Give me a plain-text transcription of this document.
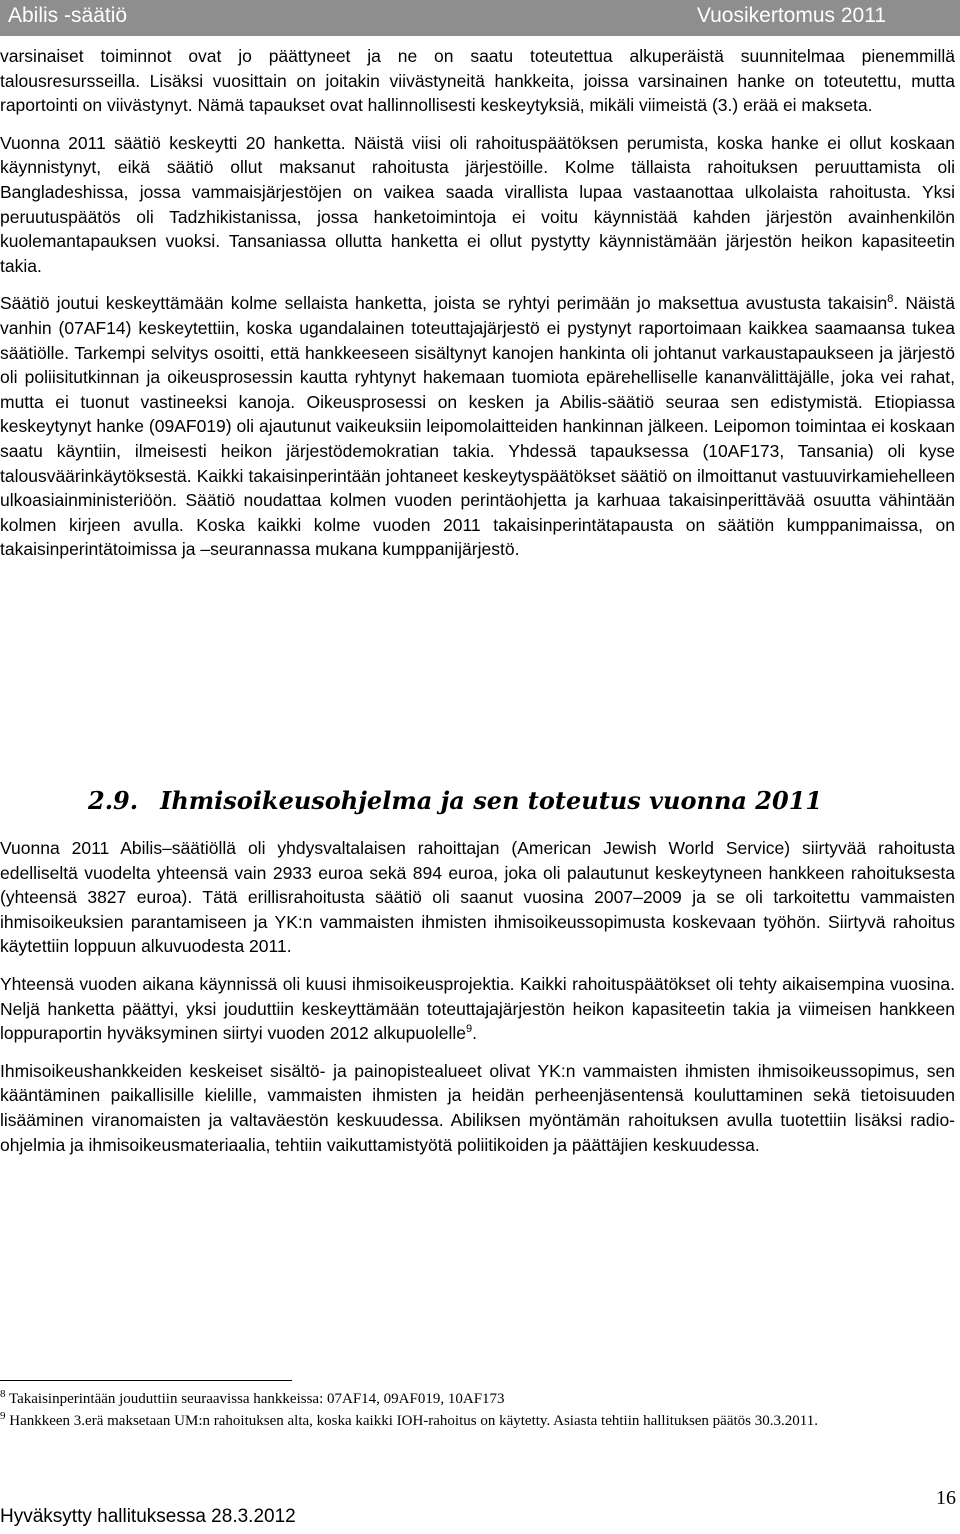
Abilis -säätiö	Vuosikertomus 2011

varsinaiset toiminnot ovat jo päättyneet ja ne on saatu toteutettua alkuperäistä suunnitelmaa pienemmillä talousresursseilla. Lisäksi vuosittain on joitakin viivästyneitä hankkeita, joissa varsinainen hanke on toteutettu, mutta raportointi on viivästynyt. Nämä tapaukset ovat hallinnollisesti keskeytyksiä, mikäli viimeistä (3.) erää ei makseta.

Vuonna 2011 säätiö keskeytti 20 hanketta. Näistä viisi oli rahoituspäätöksen perumista, koska hanke ei ollut koskaan käynnistynyt, eikä säätiö ollut maksanut rahoitusta järjestöille. Kolme tällaista rahoituksen peruuttamista oli Bangladeshissa, jossa vammaisjärjestöjen on vaikea saada virallista lupaa vastaanottaa ulkolaista rahoitusta. Yksi peruutuspäätös oli Tadzhikistanissa, jossa hanketoimintoja ei voitu käynnistää kahden järjestön avainhenkilön kuolemantapauksen vuoksi. Tansaniassa ollutta hanketta ei ollut pystytty käynnistämään järjestön heikon kapasiteetin takia.

Säätiö joutui keskeyttämään kolme sellaista hanketta, joista se ryhtyi perimään jo maksettua avustusta takaisin$^8$. Näistä vanhin (07AF14) keskeytettiin, koska ugandalainen toteuttajajärjestö ei pystynyt raportoimaan kaikkea saamaansa tukea säätiölle. Tarkempi selvitys osoitti, että hankkeeseen sisältynyt kanojen hankinta oli johtanut varkaustapaukseen ja järjestö oli poliisitutkinnan ja oikeusprosessin kautta ryhtynyt hakemaan tuomiota epärehelliselle kananvälittäjälle, joka vei rahat, mutta ei tuonut vastineeksi kanoja. Oikeusprosessi on kesken ja Abilis-säätiö seuraa sen edistymistä. Etiopiassa keskeytynyt hanke (09AF019) oli ajautunut vaikeuksiin leipomolaitteiden hankinnan jälkeen. Leipomon toimintaa ei koskaan saatu käyntiin, ilmeisesti heikon järjestödemokratian takia. Yhdessä tapauksessa (10AF173, Tansania) oli kyse talousväärinkäytöksestä. Kaikki takaisinperintään johtaneet keskeytyspäätökset säätiö on ilmoittanut vastuuvirkamiehelleen ulkoasiainministeriöön. Säätiö noudattaa kolmen vuoden perintäohjetta ja karhuaa takaisinperittävää osuutta vähintään kolmen kirjeen avulla. Koska kaikki kolme vuoden 2011 takaisinperintätapausta on säätiön kumppanimaissa, on takaisinperintätoimissa ja –seurannassa mukana kumppanijärjestö.

2.9. Ihmisoikeusohjelma ja sen toteutus vuonna 2011

Vuonna 2011 Abilis–säätiöllä oli yhdysvaltalaisen rahoittajan (American Jewish World Service) siirtyvää rahoitusta edelliseltä vuodelta yhteensä vain 2933 euroa sekä 894 euroa, joka oli palautunut keskeytyneen hankkeen rahoituksesta (yhteensä 3827 euroa). Tätä erillisrahoitusta säätiö oli saanut vuosina 2007–2009 ja se oli tarkoitettu vammaisten ihmisoikeuksien parantamiseen ja YK:n vammaisten ihmisten ihmisoikeussopimusta koskevaan työhön. Siirtyvä rahoitus käytettiin loppuun alkuvuodesta 2011.

Yhteensä vuoden aikana käynnissä oli kuusi ihmisoikeusprojektia. Kaikki rahoituspäätökset oli tehty aikaisempina vuosina. Neljä hanketta päättyi, yksi jouduttiin keskeyttämään toteuttajajärjestön heikon kapasiteetin takia ja viimeisen hankkeen loppuraportin hyväksyminen siirtyi vuoden 2012 alkupuolelle$^9$.

Ihmisoikeushankkeiden keskeiset sisältö- ja painopistealueet olivat YK:n vammaisten ihmisten ihmisoikeussopimus, sen kääntäminen paikallisille kielille, vammaisten ihmisten ja heidän perheenjäsentensä kouluttaminen sekä tietoisuuden lisääminen viranomaisten ja valtaväestön keskuudessa. Abiliksen myöntämän rahoituksen avulla tuotettiin lisäksi radio-ohjelmia ja ihmisoikeusmateriaalia, tehtiin vaikuttamistyötä poliitikoiden ja päättäjien keskuudessa.

$^8$ Takaisinperintään jouduttiin seuraavissa hankkeissa: 07AF14, 09AF019, 10AF173

$^9$ Hankkeen 3.erä maksetaan UM:n rahoituksen alta, koska kaikki IOH-rahoitus on käytetty. Asiasta tehtiin hallituksen päätös 30.3.2011.

Hyväksytty hallituksessa 28.3.2012
16
